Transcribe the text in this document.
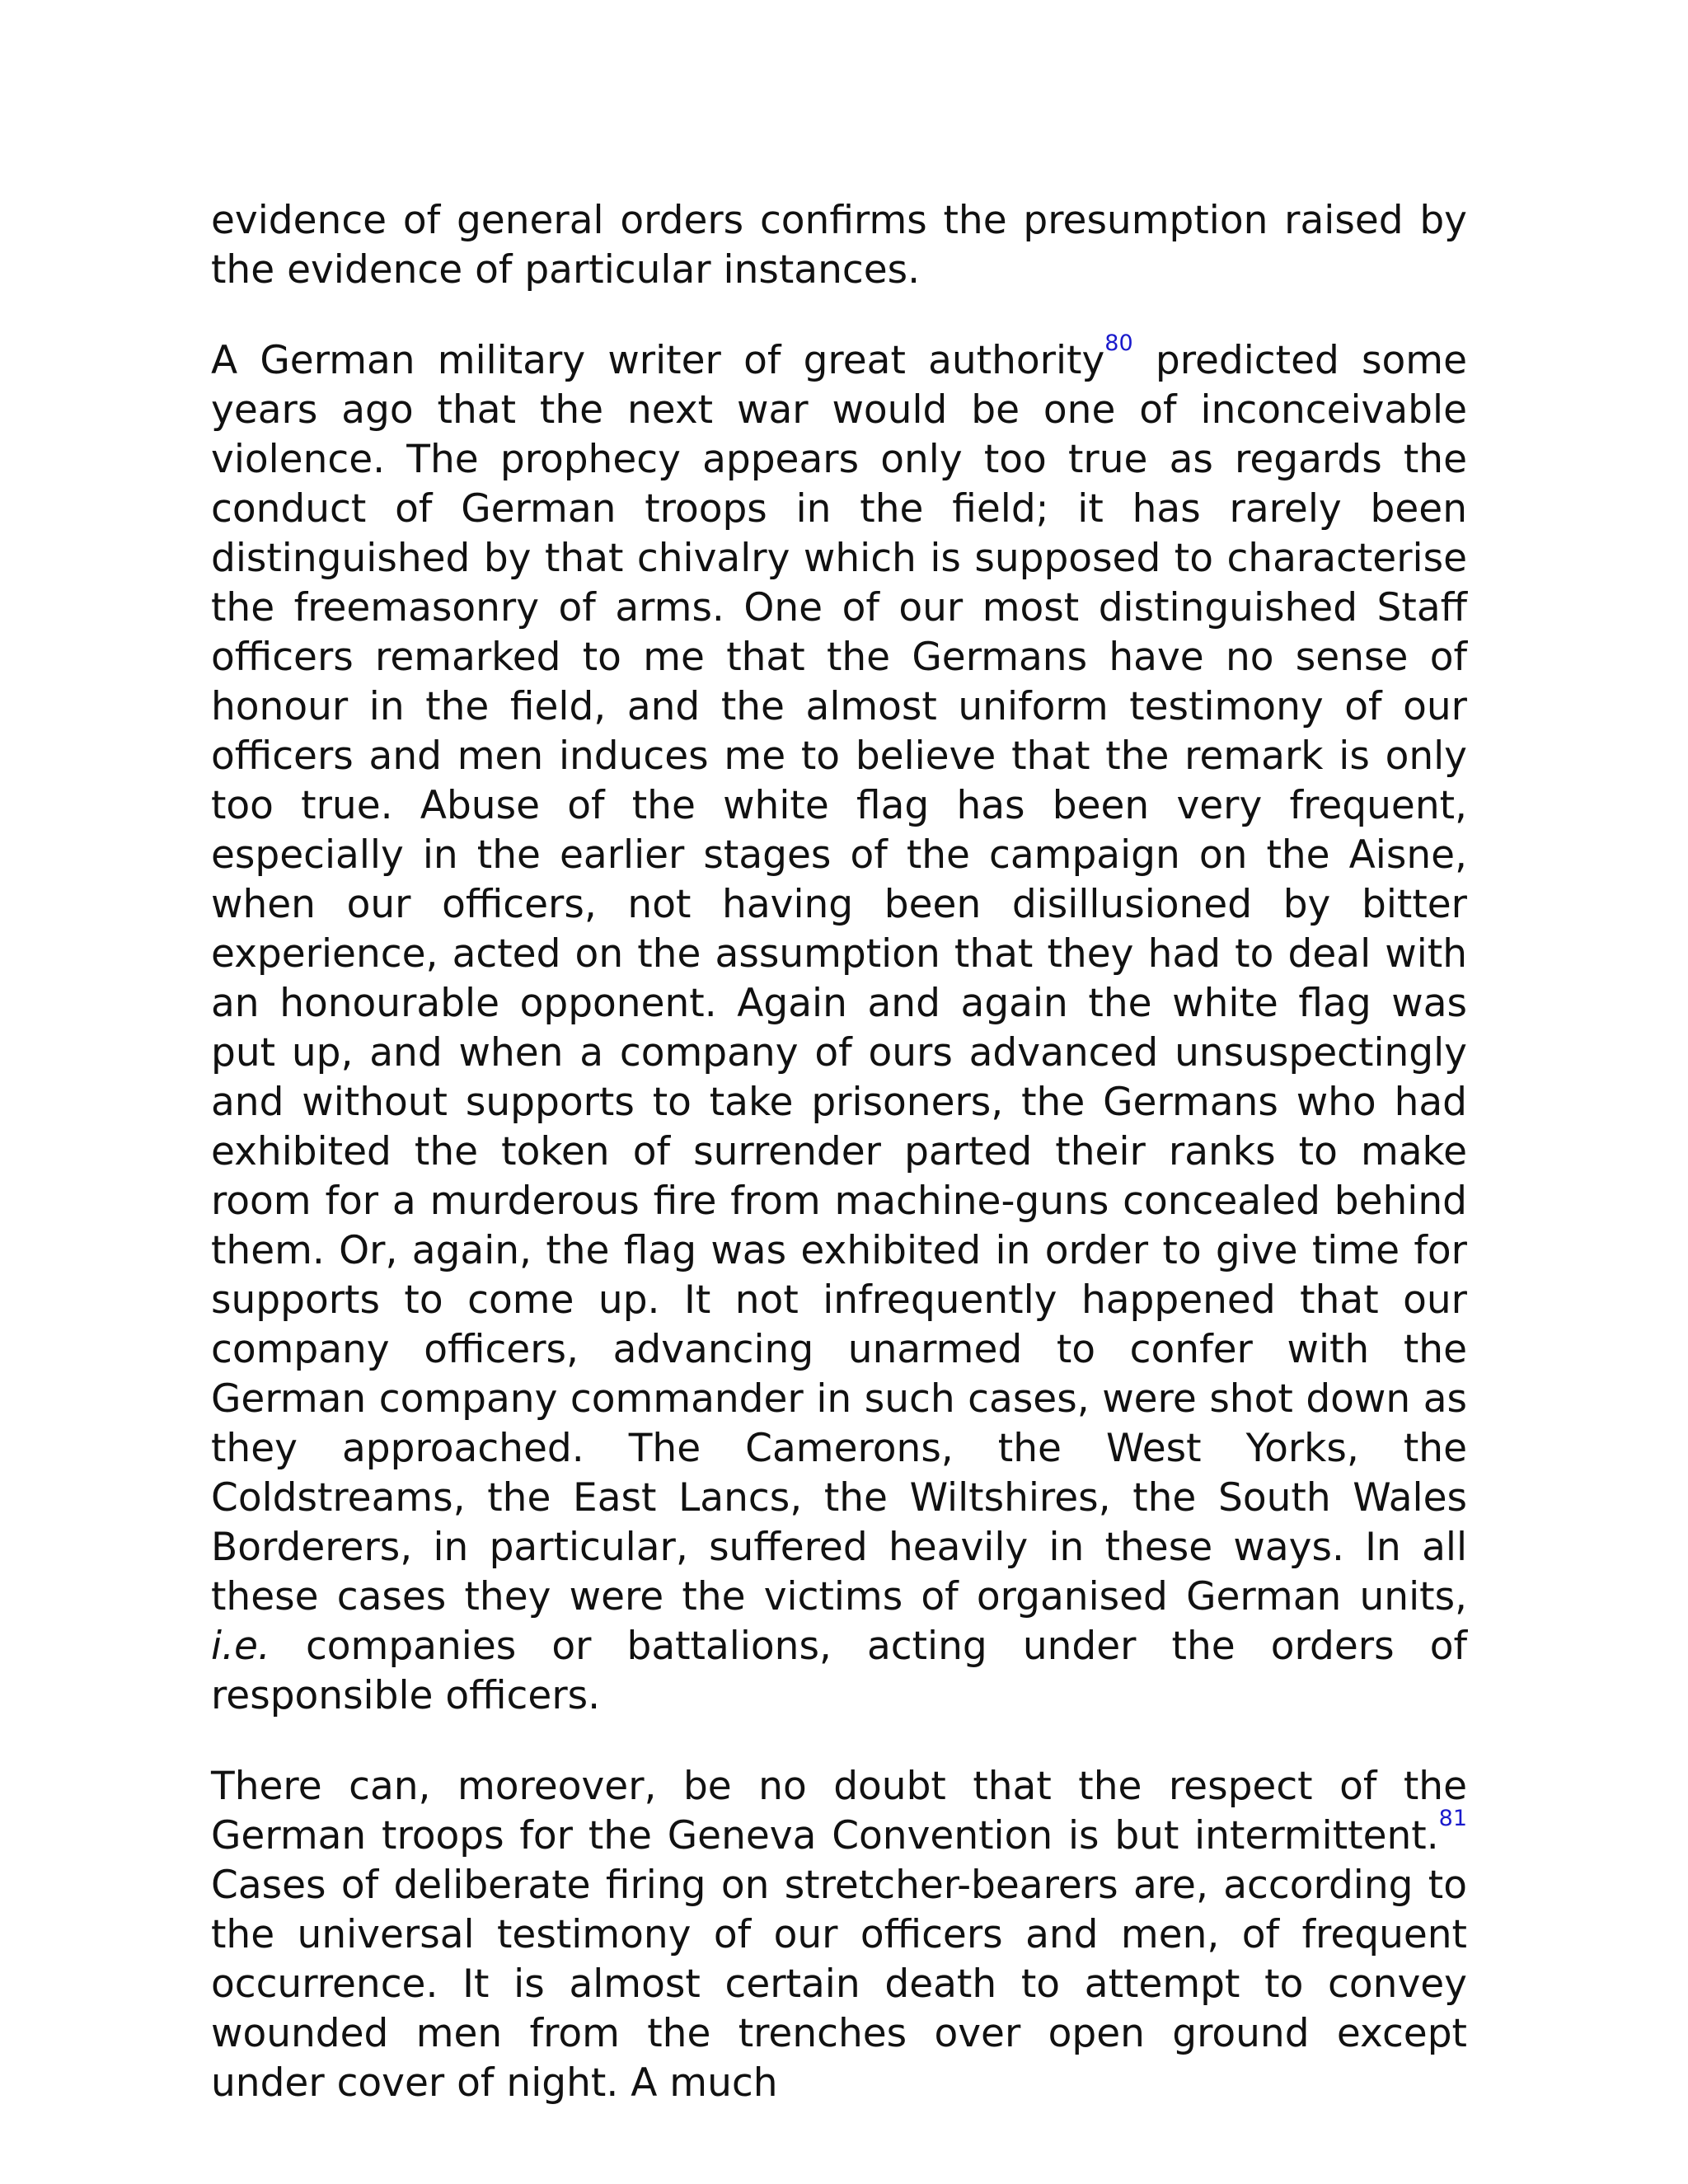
evidence of general orders confirms the presumption raised by the evidence of particular instances.

A German military writer of great authority$^{80}$ predicted some years ago that the next war would be one of inconceivable violence. The prophecy appears only too true as regards the conduct of German troops in the field; it has rarely been distinguished by that chivalry which is supposed to characterise the freemasonry of arms. One of our most distinguished Staff officers remarked to me that the Germans have no sense of honour in the field, and the almost uniform testimony of our officers and men induces me to believe that the remark is only too true. Abuse of the white flag has been very frequent, especially in the earlier stages of the campaign on the Aisne, when our officers, not having been disillusioned by bitter experience, acted on the assumption that they had to deal with an honourable opponent. Again and again the white flag was put up, and when a company of ours advanced unsuspectingly and without supports to take prisoners, the Germans who had exhibited the token of surrender parted their ranks to make room for a murderous fire from machine-guns concealed behind them. Or, again, the flag was exhibited in order to give time for supports to come up. It not infrequently happened that our company officers, advancing unarmed to confer with the German company commander in such cases, were shot down as they approached. The Camerons, the West Yorks, the Coldstreams, the East Lancs, the Wiltshires, the South Wales Borderers, in particular, suffered heavily in these ways. In all these cases they were the victims of organised German units, i.e. companies or battalions, acting under the orders of responsible officers.

There can, moreover, be no doubt that the respect of the German troops for the Geneva Convention is but intermittent.$^{81}$ Cases of deliberate firing on stretcher-bearers are, according to the universal testimony of our officers and men, of frequent occurrence. It is almost certain death to attempt to convey wounded men from the trenches over open ground except under cover of night. A much
